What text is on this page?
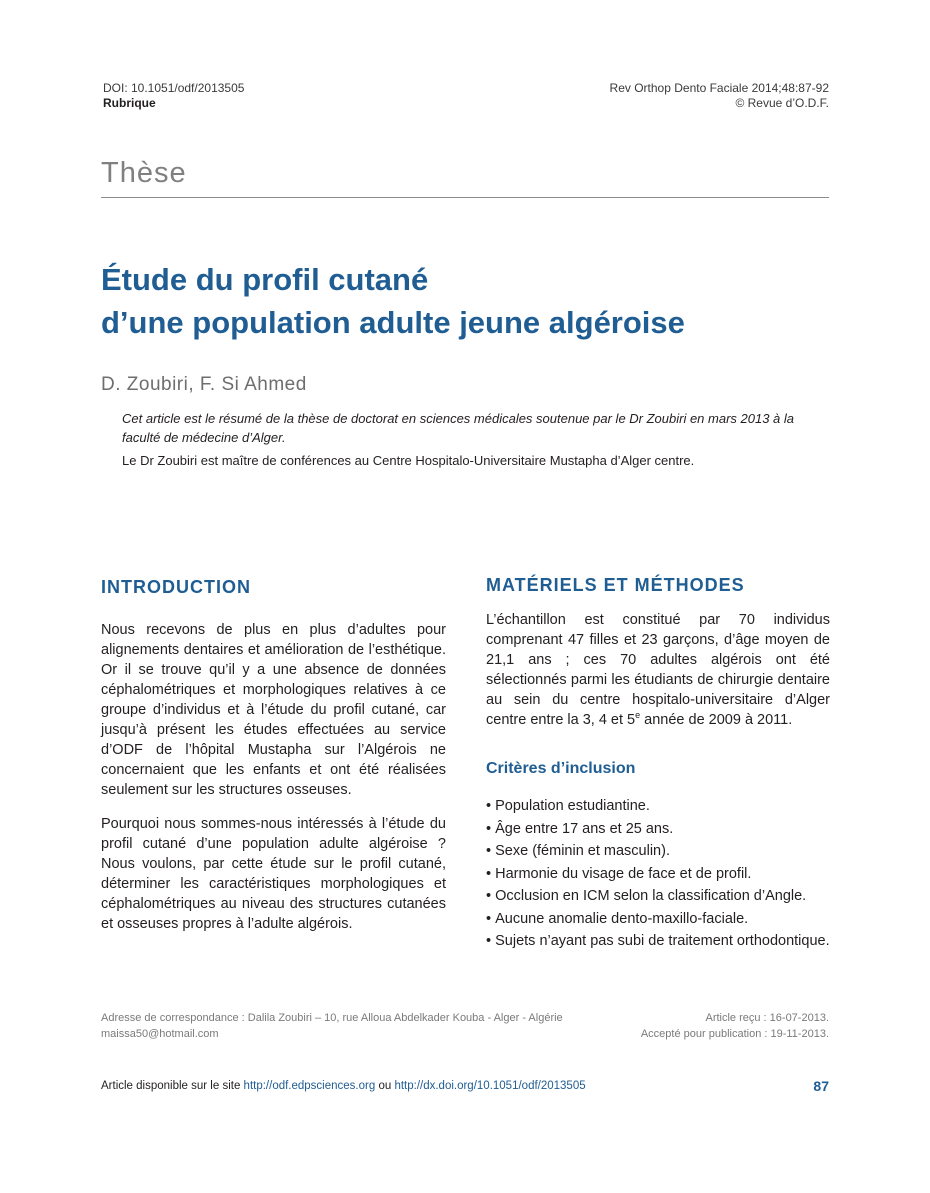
DOI: 10.1051/odf/2013505
Rubrique
Rev Orthop Dento Faciale 2014;48:87-92
© Revue d’O.D.F.
Thèse
Étude du profil cutané
d’une population adulte jeune algéroise
D. Zoubiri, F. Si Ahmed

Cet article est le résumé de la thèse de doctorat en sciences médicales soutenue par le Dr Zoubiri en mars 2013 à la faculté de médecine d’Alger.

Le Dr Zoubiri est maître de conférences au Centre Hospitalo-Universitaire Mustapha d’Alger centre.

INTRODUCTION	MATÉRIELS ET MÉTHODES

Nous recevons de plus en plus d’adultes pour alignements dentaires et amélioration de l’esthétique. Or il se trouve qu’il y a une absence de données céphalométriques et morphologiques relatives à ce groupe d’individus et à l’étude du profil cutané, car jusqu’à présent les études effectuées au service d’ODF de l’hôpital Mustapha sur l’Algérois ne concernaient que les enfants et ont été réalisées seulement sur les structures osseuses.

Pourquoi nous sommes-nous intéressés à l’étude du profil cutané d’une population adulte algéroise ? Nous voulons, par cette étude sur le profil cutané, déterminer les caractéristiques morphologiques et céphalométriques au niveau des structures cutanées et osseuses propres à l’adulte algérois.

L’échantillon est constitué par 70 individus comprenant 47 filles et 23 garçons, d’âge moyen de 21,1 ans ; ces 70 adultes algérois ont été sélectionnés parmi les étudiants de chirurgie dentaire au sein du centre hospitalo-universitaire d’Alger centre entre la 3, 4 et 5e année de 2009 à 2011.

Critères d’inclusion
• Population estudiantine.
• Âge entre 17 ans et 25 ans.
• Sexe (féminin et masculin).
• Harmonie du visage de face et de profil.
• Occlusion en ICM selon la classification d’Angle.
• Aucune anomalie dento-maxillo-faciale.
• Sujets n’ayant pas subi de traitement orthodontique.
Adresse de correspondance : Dalila Zoubiri – 10, rue Alloua Abdelkader Kouba - Alger - Algérie
maissa50@hotmail.com
Article reçu : 16-07-2013.
Accepté pour publication : 19-11-2013.
Article disponible sur le site http://odf.edpsciences.org ou http://dx.doi.org/10.1051/odf/2013505	87
